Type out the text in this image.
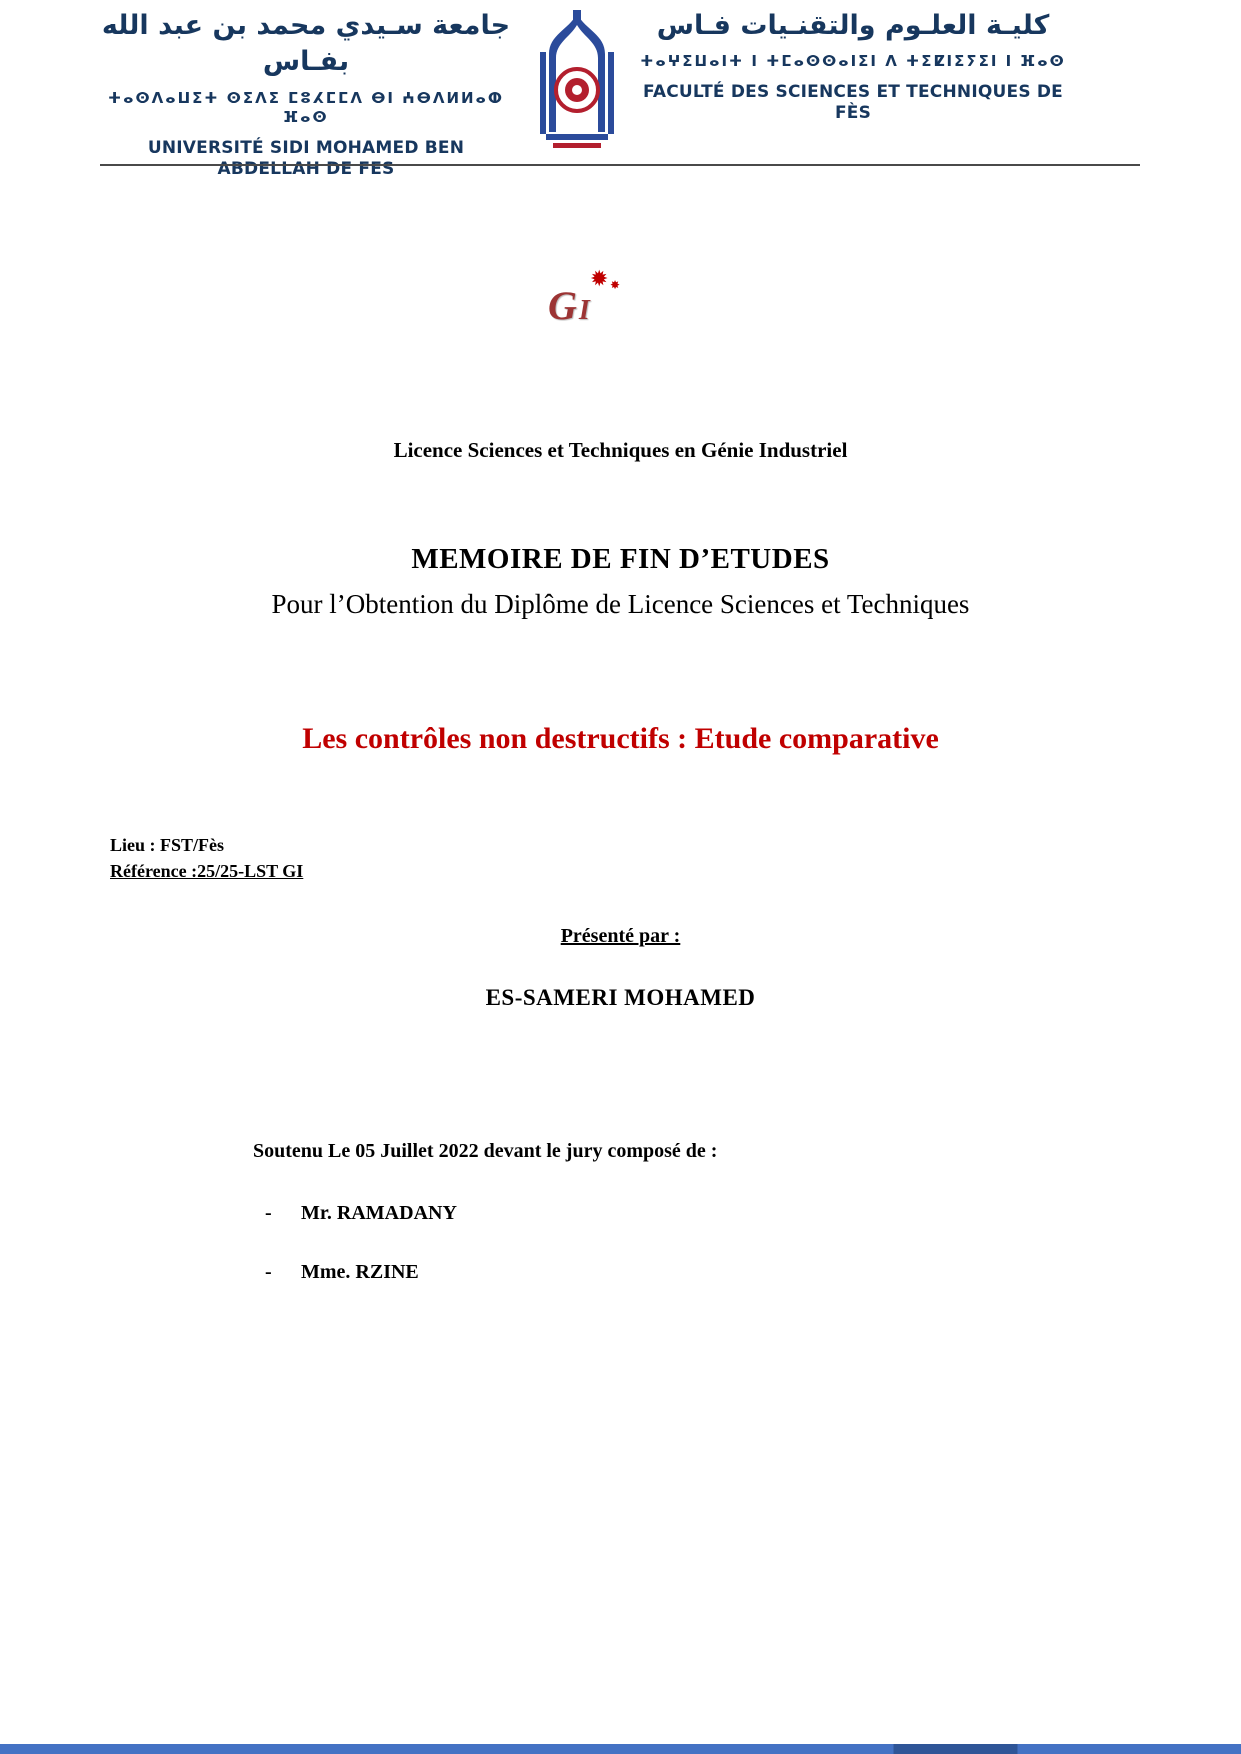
جامعة سـيدي محمد بن عبد الله بفـاس
ⵜⴰⵙⴷⴰⵡⵉⵜ ⵙⵉⴷⵉ ⵎⵓⵃⵎⵎⴷ ⴱⵏ ⵄⴱⴷⵍⵍⴰⵀ ⴼⴰⵙ
UNIVERSITÉ SIDI MOHAMED BEN ABDELLAH DE FES
كليـة العلـوم والتقنـيات فـاس
ⵜⴰⵖⵉⵡⴰⵏⵜ ⵏ ⵜⵎⴰⵙⵙⴰⵏⵉⵏ ⴷ ⵜⵉⵇⵏⵉⵢⵉⵏ ⵏ ⴼⴰⵙ
FACULTÉ DES SCIENCES ET TECHNIQUES DE FÈS
GI
✹ ✸
Licence Sciences et Techniques en Génie Industriel
MEMOIRE DE FIN D’ETUDES
Pour l’Obtention du Diplôme de Licence Sciences et Techniques
Les contrôles non destructifs : Etude comparative
Lieu : FST/Fès
Référence :25/25-LST GI
Présenté par :
ES-SAMERI MOHAMED
Soutenu Le 05 Juillet 2022 devant le jury composé de :
-	Mr. RAMADANY
-	Mme. RZINE
